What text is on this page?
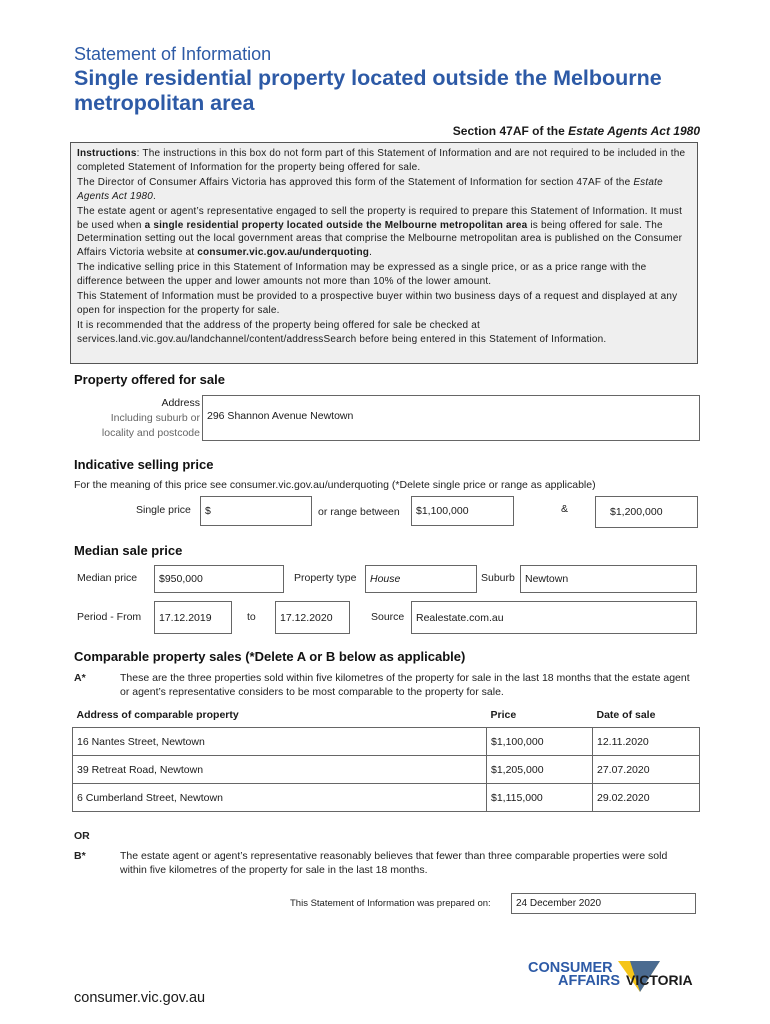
Statement of Information
Single residential property located outside the Melbourne metropolitan area
Section 47AF of the Estate Agents Act 1980

Instructions: The instructions in this box do not form part of this Statement of Information and are not required to be included in the completed Statement of Information for the property being offered for sale.

The Director of Consumer Affairs Victoria has approved this form of the Statement of Information for section 47AF of the Estate Agents Act 1980.

The estate agent or agent’s representative engaged to sell the property is required to prepare this Statement of Information. It must be used when a single residential property located outside the Melbourne metropolitan area is being offered for sale. The Determination setting out the local government areas that comprise the Melbourne metropolitan area is published on the Consumer Affairs Victoria website at consumer.vic.gov.au/underquoting.

The indicative selling price in this Statement of Information may be expressed as a single price, or as a price range with the difference between the upper and lower amounts not more than 10% of the lower amount.

This Statement of Information must be provided to a prospective buyer within two business days of a request and displayed at any open for inspection for the property for sale.

It is recommended that the address of the property being offered for sale be checked at services.land.vic.gov.au/landchannel/content/addressSearch before being entered in this Statement of Information.

Property offered for sale
Address
Including suburb or
locality and postcode
296 Shannon Avenue Newtown
Indicative selling price
For the meaning of this price see consumer.vic.gov.au/underquoting (*Delete single price or range as applicable)
Single price	$	or range between	$1,100,000	&	$1,200,000
Median sale price
Median price	$950,000	Property type	House	Suburb Newtown
Period - From	17.12.2019	to	17.12.2020	Source	Realestate.com.au
Comparable property sales (*Delete A or B below as applicable)
A*	These are the three properties sold within five kilometres of the property for sale in the last 18 months that the estate agent or agent’s representative considers to be most comparable to the property for sale.
Address of comparable property	Price	Date of sale
16 Nantes Street, Newtown	$1,100,000	12.11.2020
39 Retreat Road, Newtown	$1,205,000	27.07.2020
6 Cumberland Street, Newtown	$1,115,000	29.02.2020
OR
B*	The estate agent or agent’s representative reasonably believes that fewer than three comparable properties were sold within five kilometres of the property for sale in the last 18 months.
This Statement of Information was prepared on:	24 December 2020
CONSUMER
AFFAIRS VICTORIA
consumer.vic.gov.au
